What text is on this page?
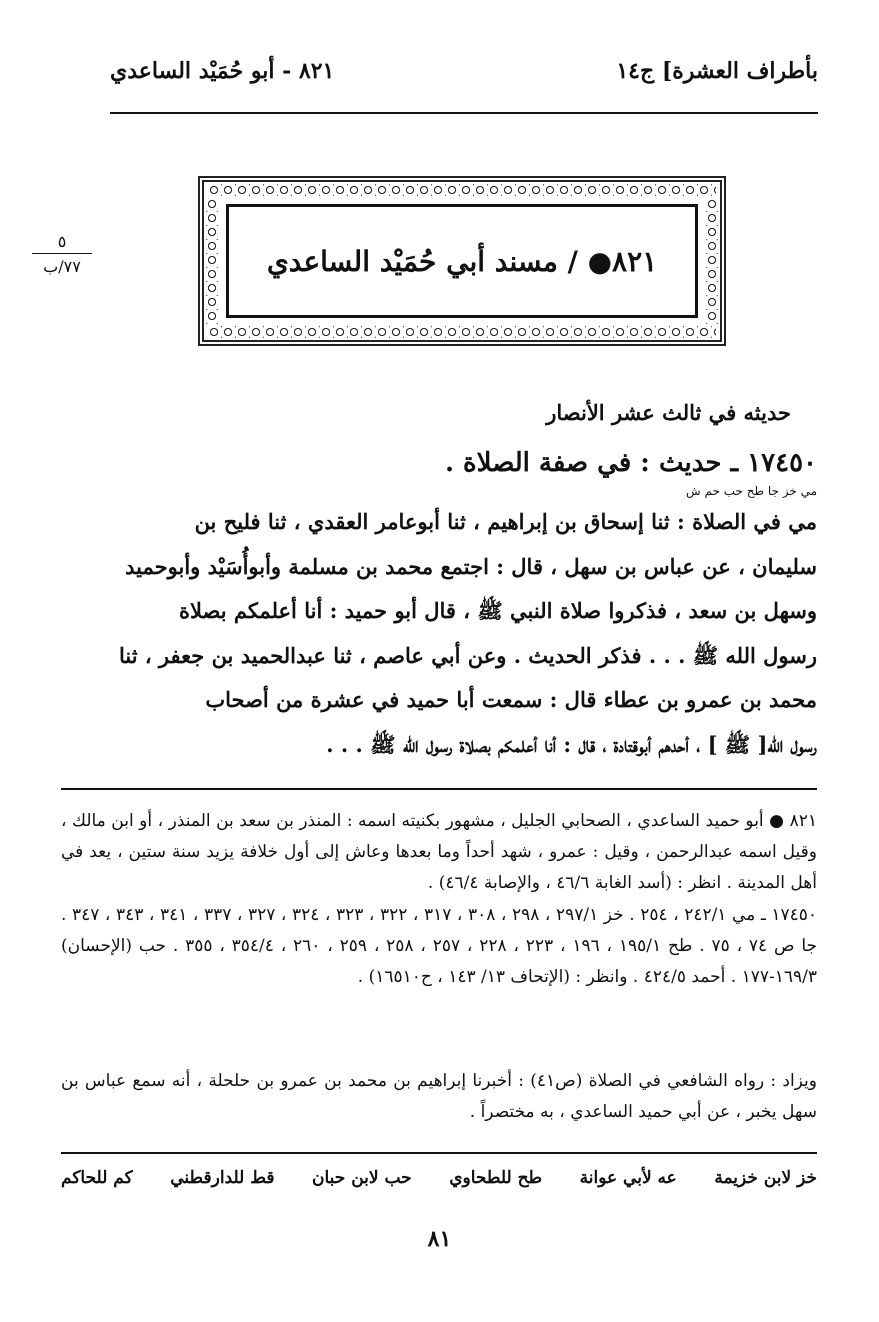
بأطراف العشرة] ج١٤
٨٢١ - أبو حُمَيْد الساعدي
٥
٧٧/ب	٨٢١● / مسند أبي حُمَيْد الساعدي
حديثه في ثالث عشر الأنصار
١٧٤٥٠ ـ حديث : في صفة الصلاة .
مي خز جا طح حب حم ش
مي في الصلاة : ثنا إسحاق بن إبراهيم ، ثنا أبوعامر العقدي ، ثنا فليح بن
سليمان ، عن عباس بن سهل ، قال : اجتمع محمد بن مسلمة وأبوأُسَيْد وأبوحميد
وسهل بن سعد ، فذكروا صلاة النبي ﷺ ، قال أبو حميد : أنا أعلمكم بصلاة
رسول الله ﷺ . . . فذكر الحديث . وعن أبي عاصم ، ثنا عبدالحميد بن جعفر ، ثنا
محمد بن عمرو بن عطاء قال : سمعت أبا حميد في عشرة من أصحاب
رسول الله[ ﷺ ] ، أحدهم أبوقتادة ، قال : أنا أعلمكم بصلاة رسول الله ﷺ . . .
٨٢١ ● أبو حميد الساعدي ، الصحابي الجليل ، مشهور بكنيته اسمه : المنذر بن سعد بن المنذر ، أو ابن مالك ، وقيل اسمه عبدالرحمن ، وقيل : عمرو ، شهد أحداً وما بعدها وعاش إلى أول خلافة يزيد سنة ستين ، يعد في أهل المدينة . انظر : (أسد الغابة ٤٦/٦ ، والإصابة ٤٦/٤) .
١٧٤٥٠ ـ مي ٢٤٢/١ ، ٢٥٤ . خز ٢٩٧/١ ، ٢٩٨ ، ٣٠٨ ، ٣١٧ ، ٣٢٢ ، ٣٢٣ ، ٣٢٤ ، ٣٢٧ ، ٣٣٧ ، ٣٤١ ، ٣٤٣ ، ٣٤٧ . جا ص ٧٤ ، ٧٥ . طح ١٩٥/١ ، ١٩٦ ، ٢٢٣ ، ٢٢٨ ، ٢٥٧ ، ٢٥٨ ، ٢٥٩ ، ٢٦٠ ، ٣٥٤/٤ ، ٣٥٥ . حب (الإحسان) ١٦٩/٣-١٧٧ . أحمد ٤٢٤/٥ . وانظر : (الإتحاف ١٣/ ١٤٣ ، ح١٦٥١٠) .
ويزاد : رواه الشافعي في الصلاة (ص٤١) : أخبرنا إبراهيم بن محمد بن عمرو بن حلحلة ، أنه سمع عباس بن سهل يخبر ، عن أبي حميد الساعدي ، به مختصراً .
خز لابن خزيمة
عه لأبي عوانة
طح للطحاوي
حب لابن حبان
قط للدارقطني
كم للحاكم
٨١
